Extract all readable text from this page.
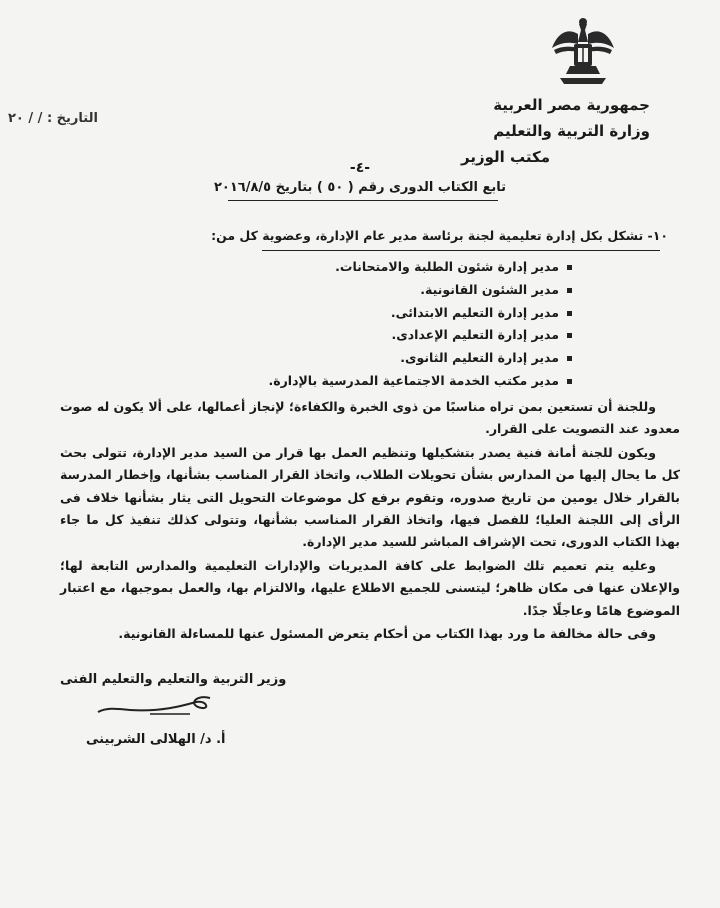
جمهورية مصر العربية
وزارة التربية والتعليم
مكتب الوزير
التاريخ : / / ٢٠
-٤-
تابع الكتاب الدورى رقم ( ٥٠ ) بتاريخ ٢٠١٦/٨/٥
١٠- تشكل بكل إدارة تعليمية لجنة برئاسة مدير عام الإدارة، وعضوية كل من:
مدير إدارة شئون الطلبة والامتحانات.
مدير الشئون القانونية.
مدير إدارة التعليم الابتدائى.
مدير إدارة التعليم الإعدادى.
مدير إدارة التعليم الثانوى.
مدير مكتب الخدمة الاجتماعية المدرسية بالإدارة.

وللجنة أن تستعين بمن تراه مناسبًا من ذوى الخبرة والكفاءة؛ لإنجاز أعمالها، على ألا يكون له صوت معدود عند التصويت على القرار.

ويكون للجنة أمانة فنية يصدر بتشكيلها وتنظيم العمل بها قرار من السيد مدير الإدارة، تتولى بحث كل ما يحال إليها من المدارس بشأن تحويلات الطلاب، واتخاذ القرار المناسب بشأنها، وإخطار المدرسة بالقرار خلال يومين من تاريخ صدوره، وتقوم برفع كل موضوعات التحويل التى يثار بشأنها خلاف فى الرأى إلى اللجنة العليا؛ للفصل فيها، واتخاذ القرار المناسب بشأنها، وتتولى كذلك تنفيذ كل ما جاء بهذا الكتاب الدورى، تحت الإشراف المباشر للسيد مدير الإدارة.

وعليه يتم تعميم تلك الضوابط على كافة المديريات والإدارات التعليمية والمدارس التابعة لها؛ والإعلان عنها فى مكان ظاهر؛ ليتسنى للجميع الاطلاع عليها، والالتزام بها، والعمل بموجبها، مع اعتبار الموضوع هامًا وعاجلًا جدًا.

وفى حالة مخالفة ما ورد بهذا الكتاب من أحكام يتعرض المسئول عنها للمساءلة القانونية.

وزير التربية والتعليم والتعليم الفنى
أ. د/ الهلالى الشربينى
